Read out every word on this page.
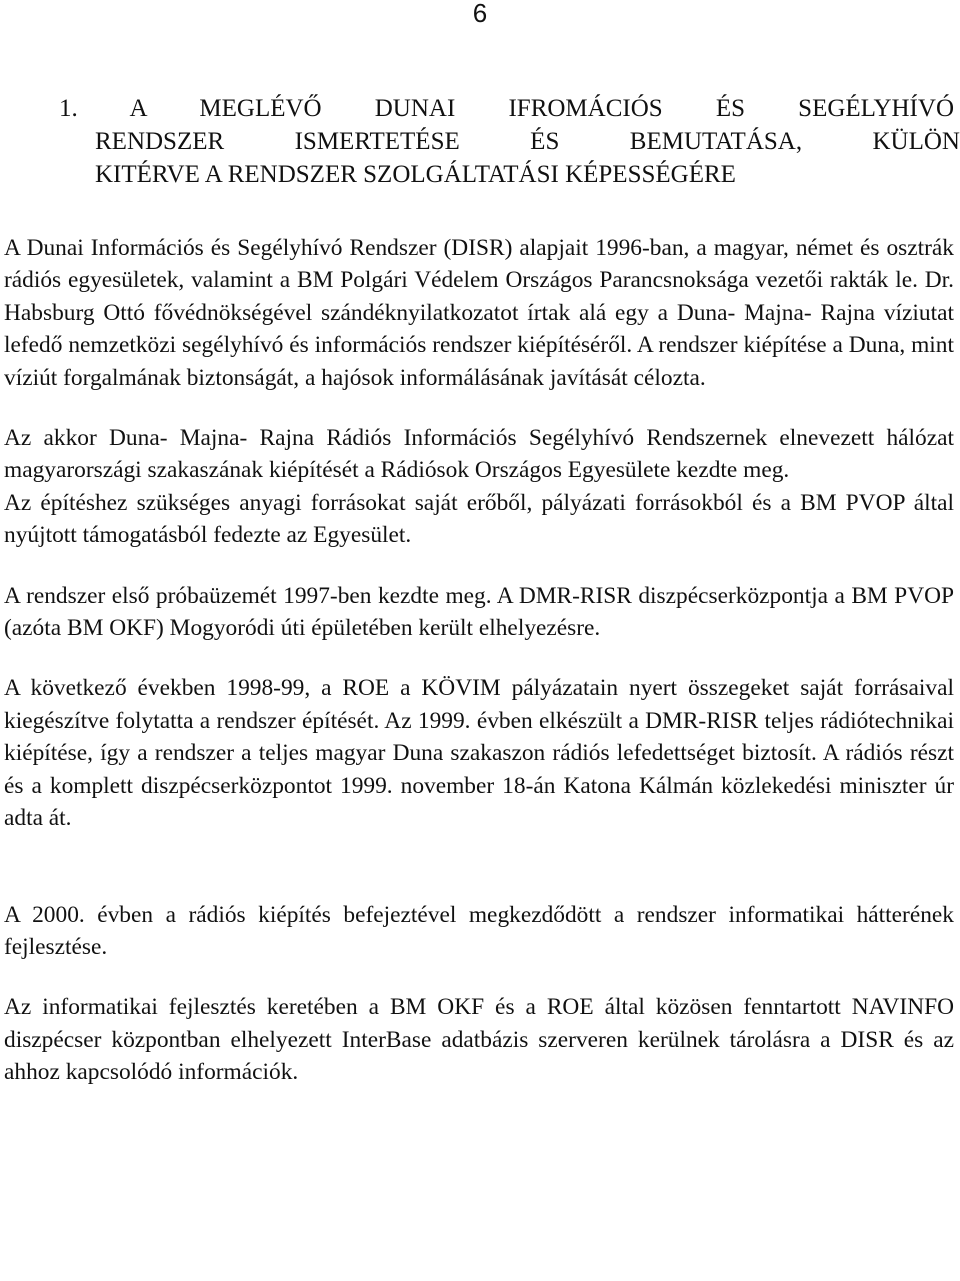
6
1. A MEGLÉVŐ DUNAI IFROMÁCIÓS ÉS SEGÉLYHÍVÓ
RENDSZER ISMERTETÉSE ÉS BEMUTATÁSA, KÜLÖN
KITÉRVE A RENDSZER SZOLGÁLTATÁSI KÉPESSÉGÉRE

A Dunai Információs és Segélyhívó Rendszer (DISR) alapjait 1996-ban, a magyar, német és osztrák rádiós egyesületek, valamint a BM Polgári Védelem Országos Parancsnoksága vezetői rakták le. Dr. Habsburg Ottó fővédnökségével szándéknyilatkozatot írtak alá egy a Duna- Majna- Rajna víziutat lefedő nemzetközi segélyhívó és információs rendszer kiépítéséről. A rendszer kiépítése a Duna, mint víziút forgalmának biztonságát, a hajósok informálásának javítását célozta.

Az akkor Duna- Majna- Rajna Rádiós Információs Segélyhívó Rendszernek elnevezett hálózat magyarországi szakaszának kiépítését a Rádiósok Országos Egyesülete kezdte meg.

Az építéshez szükséges anyagi forrásokat saját erőből, pályázati forrásokból és a BM PVOP által nyújtott támogatásból fedezte az Egyesület.

A rendszer első próbaüzemét 1997-ben kezdte meg. A DMR-RISR diszpécserközpontja a BM PVOP (azóta BM OKF) Mogyoródi úti épületében került elhelyezésre.

A következő években 1998-99, a ROE a KÖVIM pályázatain nyert összegeket saját forrásaival kiegészítve folytatta a rendszer építését. Az 1999. évben elkészült a DMR-RISR teljes rádiótechnikai kiépítése, így a rendszer a teljes magyar Duna szakaszon rádiós lefedettséget biztosít. A rádiós részt és a komplett diszpécserközpontot 1999. november 18-án Katona Kálmán közlekedési miniszter úr adta át.

A 2000. évben a rádiós kiépítés befejeztével megkezdődött a rendszer informatikai hátterének fejlesztése.

Az informatikai fejlesztés keretében a BM OKF és a ROE által közösen fenntartott NAVINFO diszpécser központban elhelyezett InterBase adatbázis szerveren kerülnek tárolásra a DISR és az ahhoz kapcsolódó információk.
